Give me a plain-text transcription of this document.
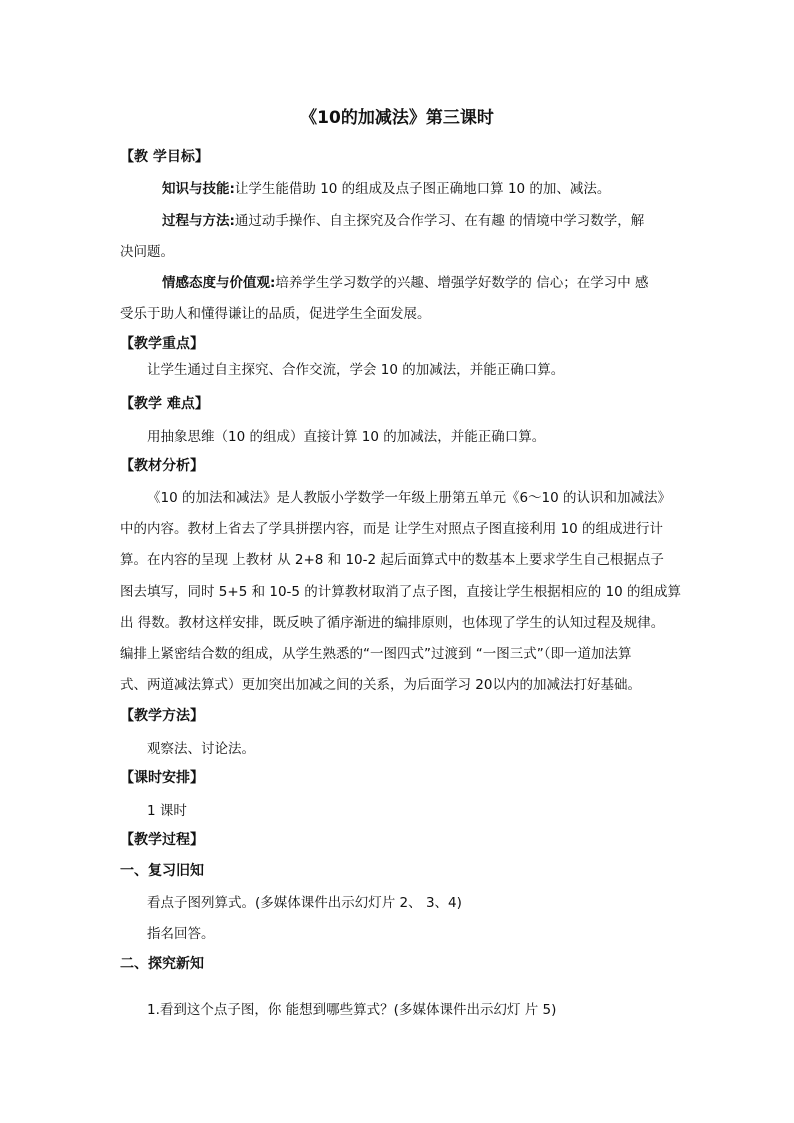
《10的加减法》第三课时
【教 学目标】
知识与技能:让学生能借助 10 的组成及点子图正确地口算 10 的加、减法。
过程与方法:通过动手操作、自主探究及合作学习、在有趣 的情境中学习数学，解
决问题。
情感态度与价值观:培养学生学习数学的兴趣、增强学好数学的 信心；在学习中 感
受乐于助人和懂得谦让的品质，促进学生全面发展。
【教学重点】
让学生通过自主探究、合作交流，学会 10 的加减法，并能正确口算。
【教学 难点】
用抽象思维（10 的组成）直接计算 10 的加减法，并能正确口算。
【教材分析】
《10 的加法和减法》是人教版小学数学一年级上册第五单元《6～10 的认识和加减法》
中的内容。教材上省去了学具拼摆内容，而是 让学生对照点子图直接利用 10 的组成进行计
算。在内容的呈现 上教材 从 2+8 和 10-2 起后面算式中的数基本上要求学生自己根据点子
图去填写，同时 5+5 和 10-5 的计算教材取消了点子图，直接让学生根据相应的 10 的组成算
出 得数。教材这样安排，既反映了循序渐进的编排原则，也体现了学生的认知过程及规律。
编排上紧密结合数的组成，从学生熟悉的“一图四式”过渡到 “一图三式”（即一道加法算
式、两道减法算式）更加突出加减之间的关系，为后面学习 20以内的加减法打好基础。
【教学方法】
观察法、讨论法。
【课时安排】
1 课时
【教学过程】
一、复习旧知
看点子图列算式。(多媒体课件出示幻灯片 2、 3、4)
指名回答。
二、探究新知
1.看到这个点子图，你 能想到哪些算式？(多媒体课件出示幻灯 片 5)
